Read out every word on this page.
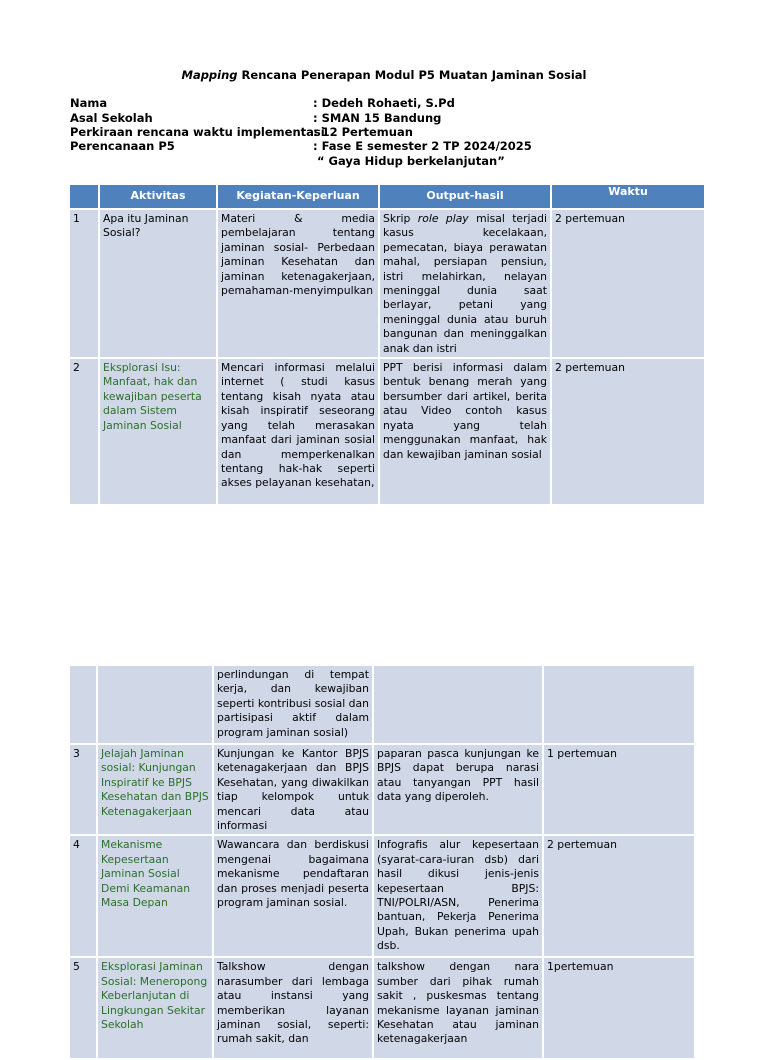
Mapping Rencana Penerapan Modul P5 Muatan Jaminan Sosial
Nama	: Dedeh Rohaeti, S.Pd
Asal Sekolah	: SMAN 15 Bandung
Perkiraan rencana waktu implementasi
: 12 Pertemuan
Perencanaan P5	: Fase E semester 2 TP 2024/2025
“ Gaya Hidup berkelanjutan”
	Aktivitas	Kegiatan-Keperluan	Output-hasil	Waktu
1	Apa itu Jaminan Sosial?	Materi & media pembelajaran tentang jaminan sosial- Perbedaan jaminan Kesehatan dan jaminan ketenagakerjaan, pemahaman-menyimpulkan	Skrip role play misal terjadi kasus kecelakaan, pemecatan, biaya perawatan mahal, persiapan pensiun, istri melahirkan, nelayan meninggal dunia saat berlayar, petani yang meninggal dunia atau buruh bangunan dan meninggalkan anak dan istri	2 pertemuan
2	Eksplorasi Isu: Manfaat, hak dan kewajiban peserta dalam Sistem Jaminan Sosial	Mencari informasi melalui internet ( studi kasus tentang kisah nyata atau kisah inspiratif seseorang yang telah merasakan manfaat dari jaminan sosial dan memperkenalkan tentang hak-hak seperti akses pelayanan kesehatan,	PPT berisi informasi dalam bentuk benang merah yang bersumber dari artikel, berita atau Video contoh kasus nyata yang telah menggunakan manfaat, hak dan kewajiban jaminan sosial	2 pertemuan
		perlindungan di tempat kerja, dan kewajiban seperti kontribusi sosial dan partisipasi aktif dalam program jaminan sosial)		
3	Jelajah Jaminan sosial: Kunjungan Inspiratif ke BPJS Kesehatan dan BPJS Ketenagakerjaan	Kunjungan ke Kantor BPJS ketenagakerjaan dan BPJS Kesehatan, yang diwakilkan tiap kelompok untuk mencari data atau informasi	paparan pasca kunjungan ke BPJS dapat berupa narasi atau tanyangan PPT hasil data yang diperoleh.	1 pertemuan
4	Mekanisme Kepesertaan Jaminan Sosial Demi Keamanan Masa Depan	Wawancara dan berdiskusi mengenai bagaimana mekanisme pendaftaran dan proses menjadi peserta program jaminan sosial.	Infografis alur kepesertaan (syarat-cara-iuran dsb) dari hasil dikusi jenis-jenis kepesertaan BPJS: TNI/POLRI/ASN, Penerima bantuan, Pekerja Penerima Upah, Bukan penerima upah dsb.	2 pertemuan
5	Eksplorasi Jaminan Sosial: Meneropong Keberlanjutan di Lingkungan Sekitar Sekolah	Talkshow dengan narasumber dari lembaga atau instansi yang memberikan layanan jaminan sosial, seperti: rumah sakit, dan	talkshow dengan nara sumber dari pihak rumah sakit , puskesmas tentang mekanisme layanan jaminan Kesehatan atau jaminan ketenagakerjaan	1pertemuan
